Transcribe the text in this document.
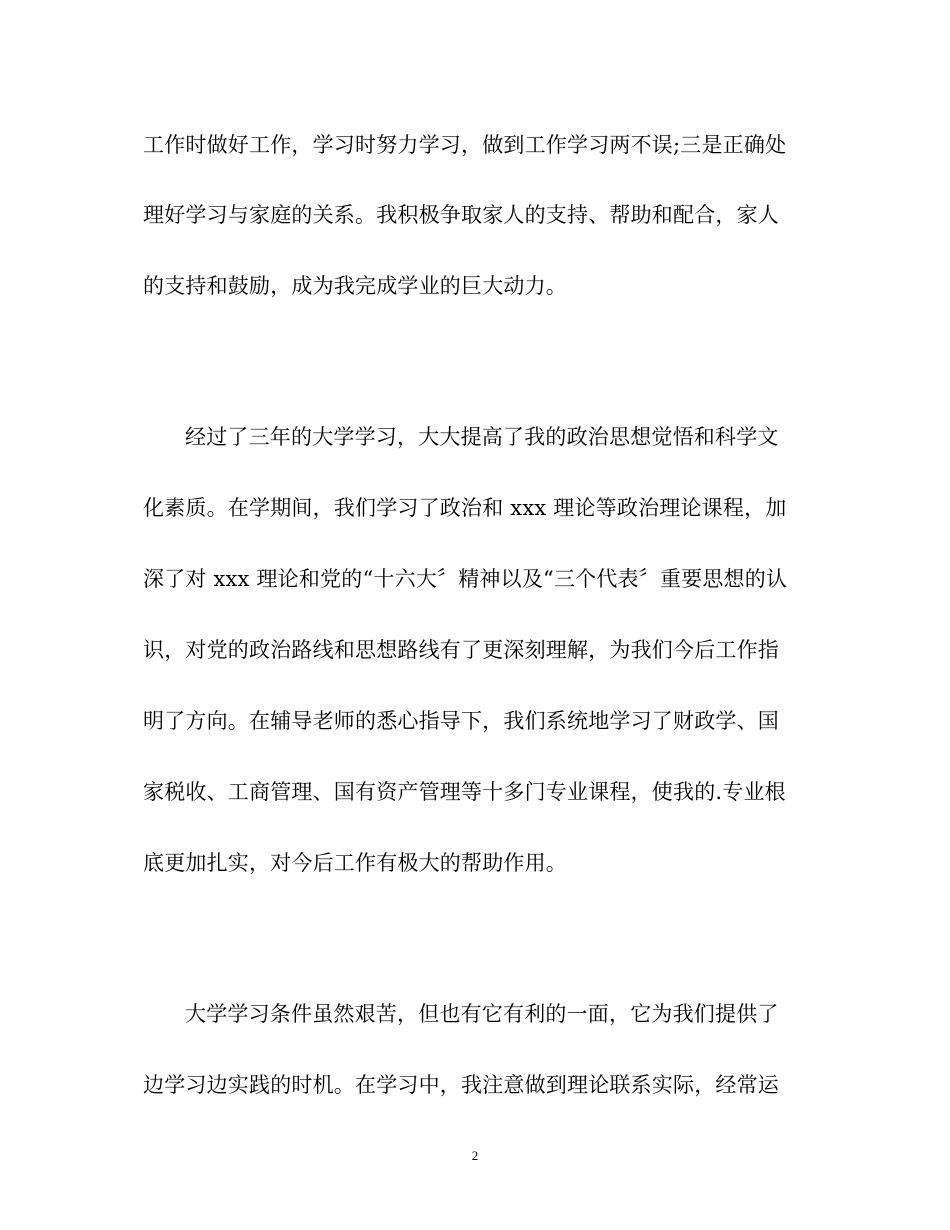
工作时做好工作，学习时努力学习，做到工作学习两不误;三是正确处
理好学习与家庭的关系。我积极争取家人的支持、帮助和配合，家人
的支持和鼓励，成为我完成学业的巨大动力。
经过了三年的大学学习，大大提高了我的政治思想觉悟和科学文
化素质。在学期间，我们学习了政治和 xxx 理论等政治理论课程，加
深了对 xxx 理论和党的“十六大〞精神以及“三个代表〞重要思想的认
识，对党的政治路线和思想路线有了更深刻理解，为我们今后工作指
明了方向。在辅导老师的悉心指导下，我们系统地学习了财政学、国
家税收、工商管理、国有资产管理等十多门专业课程，使我的.专业根
底更加扎实，对今后工作有极大的帮助作用。
大学学习条件虽然艰苦，但也有它有利的一面，它为我们提供了
边学习边实践的时机。在学习中，我注意做到理论联系实际，经常运
2
